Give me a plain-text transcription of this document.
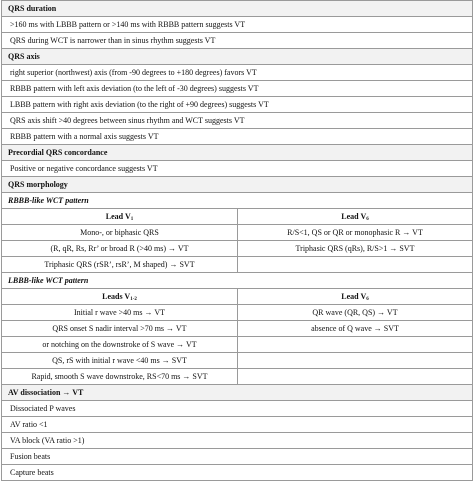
QRS duration
>160 ms with LBBB pattern or >140 ms with RBBB pattern suggests VT
QRS during WCT is narrower than in sinus rhythm suggests VT
QRS axis
right superior (northwest) axis (from -90 degrees to +180 degrees) favors VT
RBBB pattern with left axis deviation (to the left of -30 degrees) suggests VT
LBBB pattern with right axis deviation (to the right of +90 degrees) suggests VT
QRS axis shift >40 degrees between sinus rhythm and WCT suggests VT
RBBB pattern with a normal axis suggests VT
Precordial QRS concordance
Positive or negative concordance suggests VT
QRS morphology
RBBB-like WCT pattern
Lead $V_1$	Lead $V_6$
Mono-, or biphasic QRS	R/S<1, QS or QR or monophasic R → VT
(R, qR, Rs, Rr’ or broad R (>40 ms) → VT	Triphasic QRS (qRs), R/S>1 → SVT
Triphasic QRS (rSR’, rsR’, M shaped) → SVT
LBBB-like WCT pattern
Leads $V_{1-2}$	Lead $V_6$
Initial r wave >40 ms → VT	QR wave (QR, QS) → VT
QRS onset S nadir interval >70 ms → VT	absence of Q wave → SVT
or notching on the downstroke of S wave → VT
QS, rS with initial r wave <40 ms → SVT
Rapid, smooth S wave downstroke, RS<70 ms → SVT
AV dissociation → VT
Dissociated P waves
AV ratio <1
VA block (VA ratio >1)
Fusion beats
Capture beats
